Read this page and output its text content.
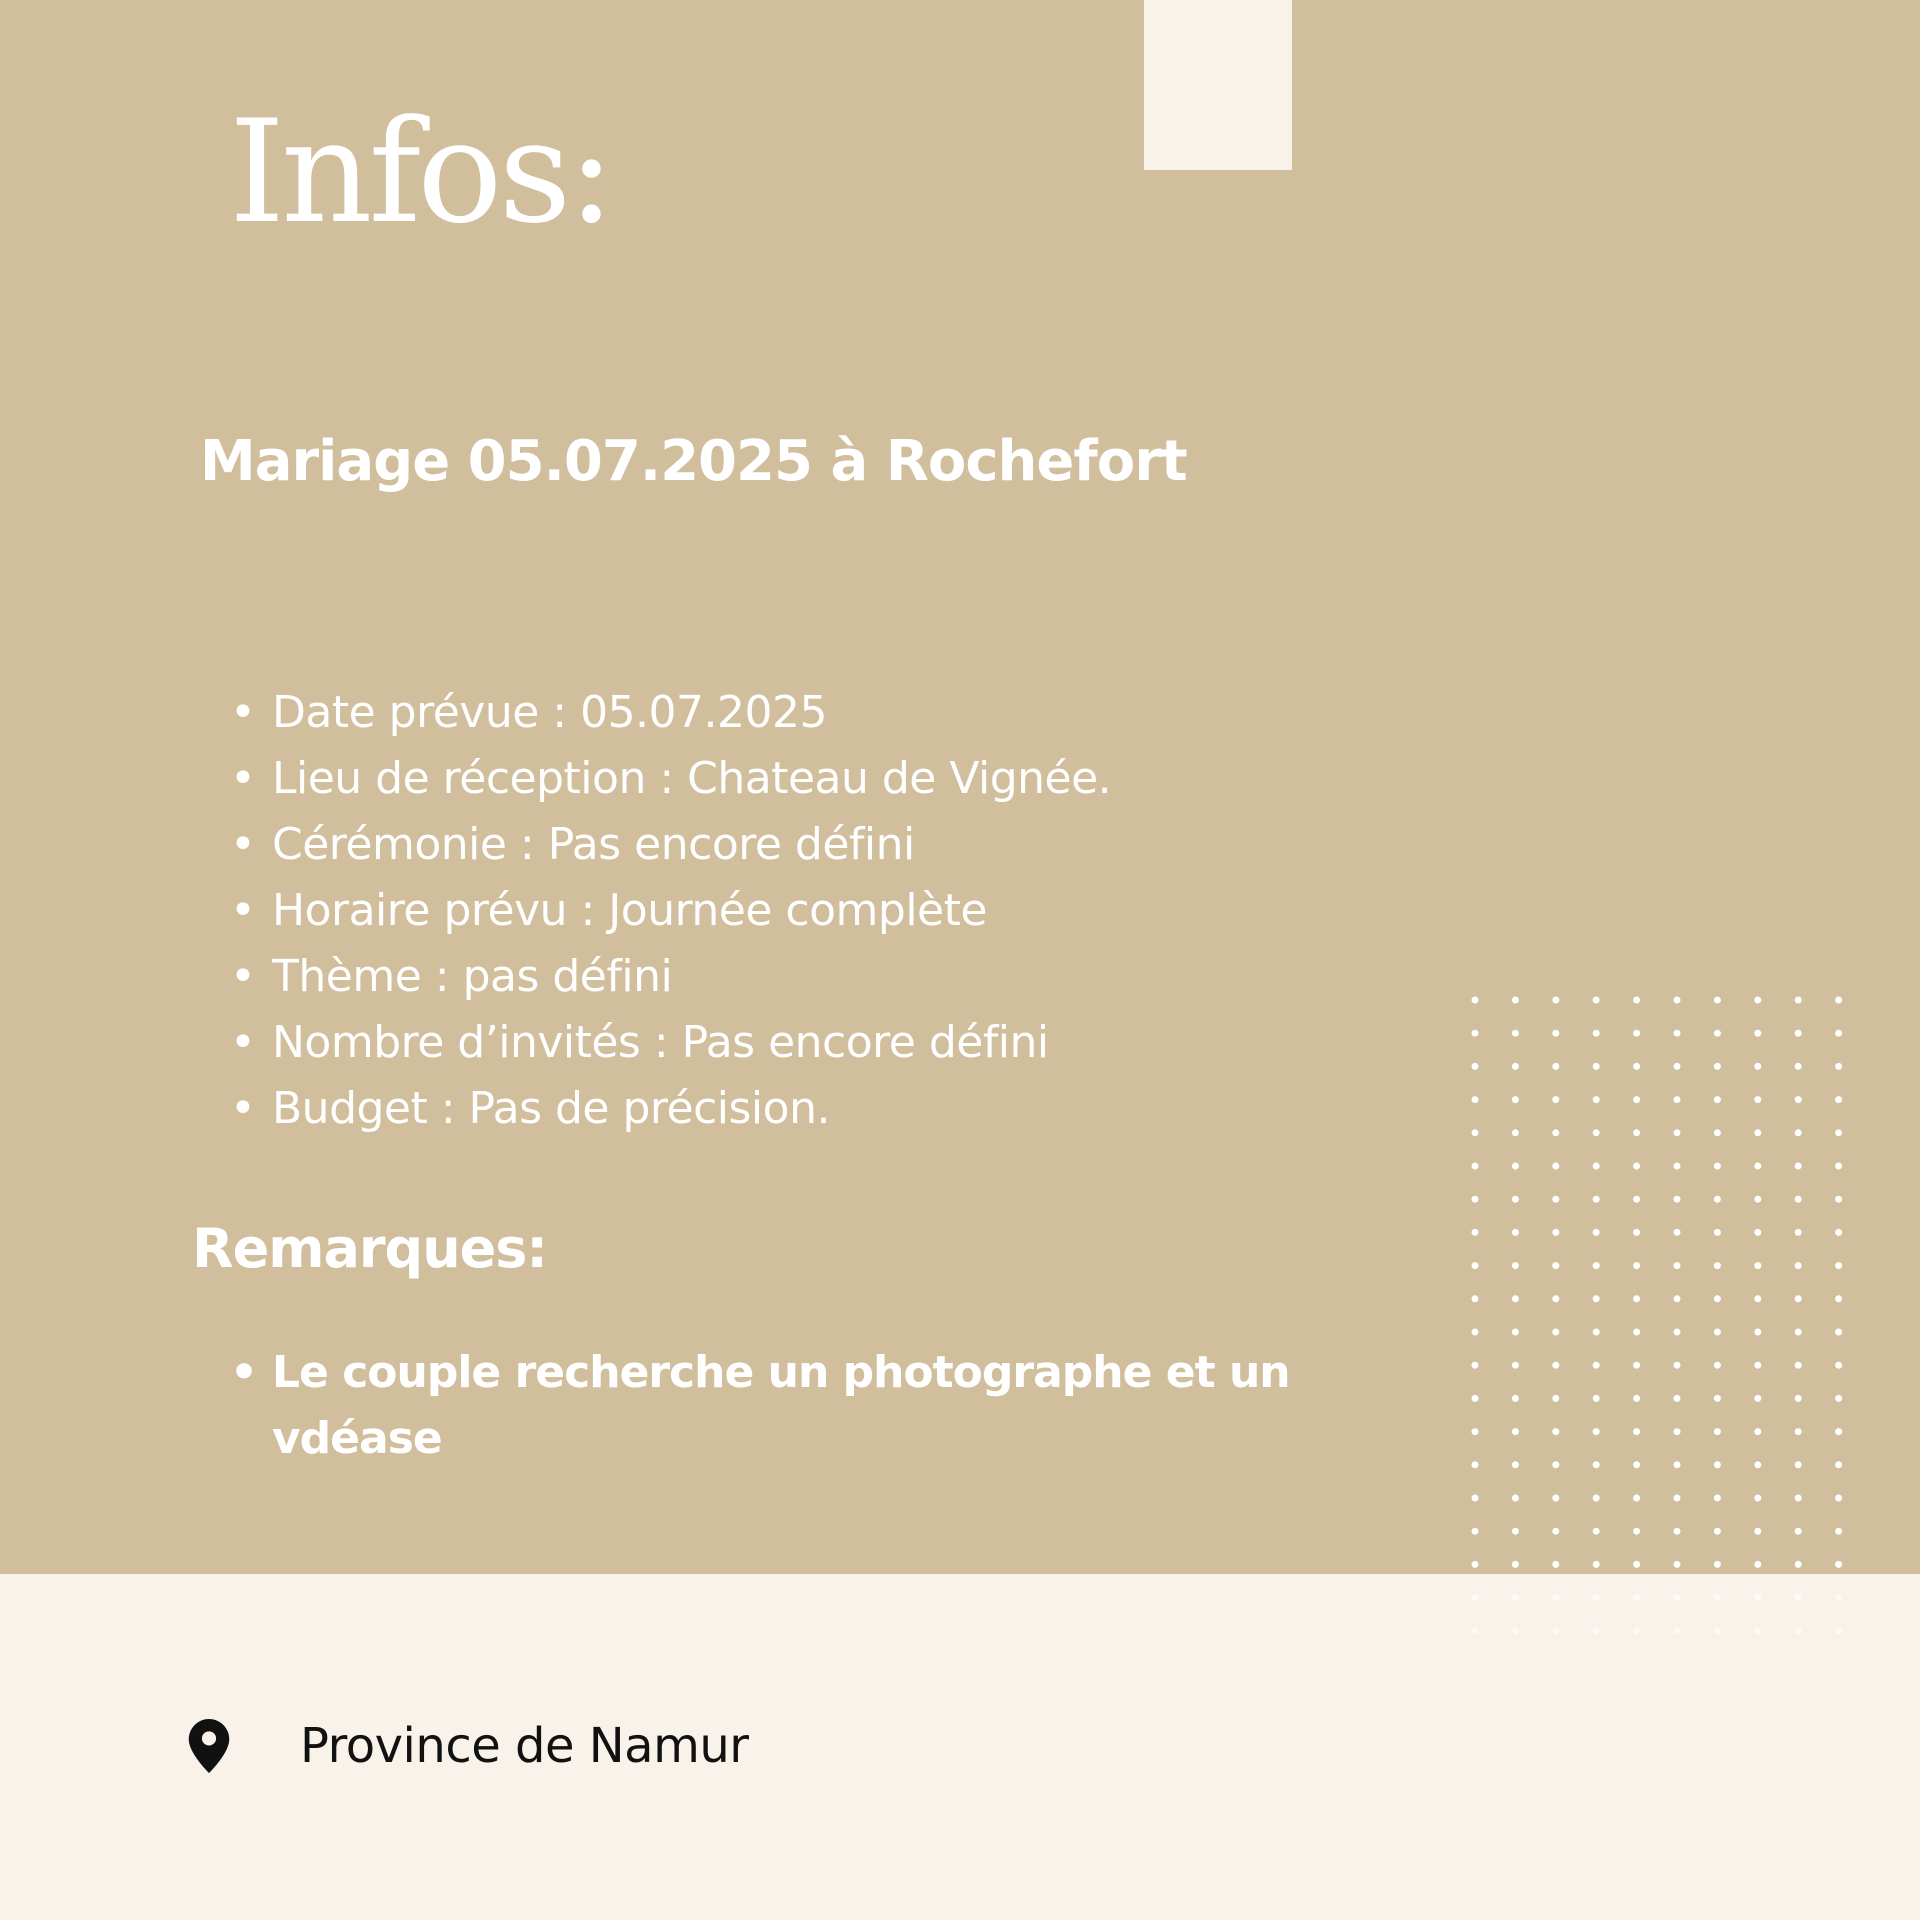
Infos:
Mariage 05.07.2025 à Rochefort
• Date prévue : 05.07.2025
• Lieu de réception : Chateau de Vignée.
• Cérémonie : Pas encore défini
• Horaire prévu : Journée complète
• Thème : pas défini
• Nombre d’invités : Pas encore défini
• Budget : Pas de précision.
Remarques:
• Le couple recherche un photographe et un vdéase
Province de Namur
